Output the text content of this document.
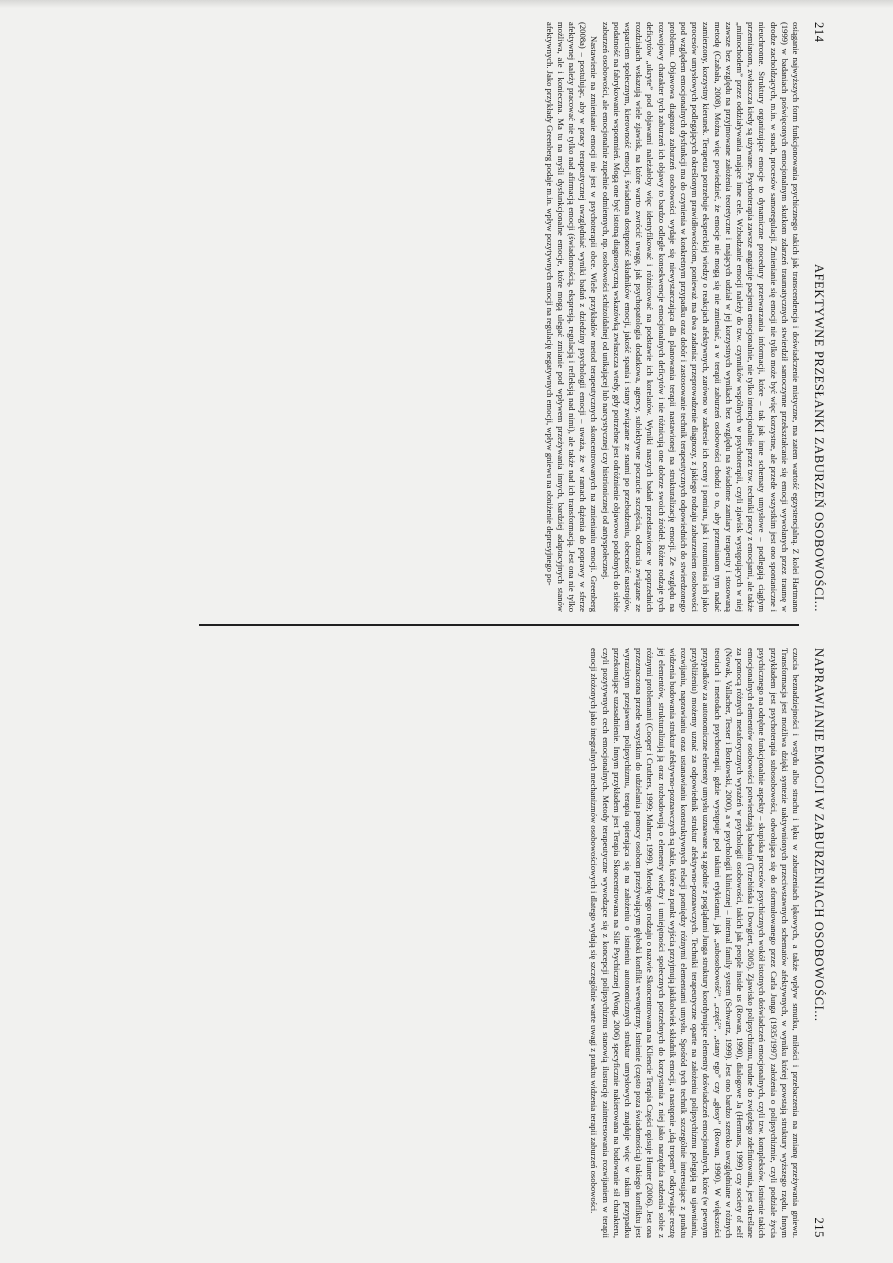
214
AFEKTYWNE PRZESŁANKI ZABURZEŃ OSOBOWOŚCI...

osiąganie najwyższych form funkcjonowania psychicznego takich jak transcendencja i doświadczenie mistyczne, ma zatem wartość egzystencjalną. Z kolei Hartmann (1999) w badaniach poświęconych emocjonalnym skutkom zdarzeń traumatycznych stwierdził samoczynne przekształcanie się emocji wywołanych przez traumę w drodze zacholdzących, m.in. w snach, procesów samoregulacji. Zmienianie się emocji nie tylko może być więc korzystne, ale przede wszystkim jest ono spontaniczne i nieuchronne. Struktury organizujące emocje to dynamiczne procedury przetwarzania informacji, które – tak jak inne schematy umysłowe – podlegają ciągłym przemianom, zwłaszcza kiedy są używane. Psychoterapia zawsze angażuje pacjenta emocjonalnie, nie tylko intencjonalnie przez tzw. techniki pracy z emocjami, ale także „mimochodem” przez oddziaływania mające inne cele. Wzbudzanie emocji należy do tzw. czynników wspólnych w psychoterapii, czyli zjawisk występujących w niej zawsze bez względu na przyjmowane założenia teoretyczne i mających udział w jej korzystnych wynikach bez względu na świadome zamiary terapeuty i stosowaną metodę (Czabała, 2008). Można więc powiedzieć, że emocje nie mogą się nie zmieniać, a w terapii zaburzeń osobowości chodzi o to, aby przemianom tym nadać zamierzony, korzystny kierunek. Terapeuta potrzebuje eksperckiej wiedzy o reakcjach afektywnych, zarówno w zakresie ich oceny i pomiaru, jak i rozumienia ich jako procesów umysłowych podlegających określonym prawidłowościom, ponieważ ma dwa zadania: przeprowadzenie diagnozy, z jakiego rodzaju zaburzeniem osobowości pod względem emocjonalnych dysfunkcji ma do czynienia w konkretnym przypadku oraz dobór i zastosowanie technik terapeutycznych odpowiednich do stwierdzonego problemu. Objawowa diagnoza zaburzeń osobowości wydaje się niewystarczająca dla planowania terapii nastawionej na strukturalizację emocji. Ze względu na rozwojowy charakter tych zaburzeń ich objawy to bardzo odległe konsekwencje emocjonalnych deficytów i nie różnicują one dobrze swoich źródeł. Różne rodzaje tych deficytów „ukryte” pod objawami należałoby więc identyfikować i różnicować na podstawie ich korelatów. Wyniki naszych badań przedstawione w poprzednich rozdziałach wskazują wiele zjawisk, na które warto zwrócić uwagę, jak psychopatologia dodatkowa, agency, subiektywne poczucie szczęścia, odczucia związane ze wsparciem społecznym, kierowność emocji, świadoma dostępność składników emocji, jakość spania i stany związane ze snami po przebudzeniu, obecność nastrojów, podatność na fabrykowanie wspomnień. Mogą one być istotną diagnostyczną wskazówką zwłaszcza wtedy, gdy potrzebne jest odróżnienie objawowo podobnych do siebie zaburzeń osobowości, ale emocjonalnie zupełnie odmiennych, np. osobowości schizoidalnej od unikającej lub narcystycznej czy histrionicznej od antyspołecznej.

Nastawienie na zmienianie emocji nie jest w psychoterapii obce. Wiele przykładów metod terapeutycznych skoncentrowanych na zmienianiu emocji. Greenberg (2008a) – postulując, aby w pracy terapeutycznej uwzględniać wyniki badań z dziedziny psychologii emocji – uważa, że w ramach dążenia do poprawy w sferze afektywnej należy pracować nie tylko nad afirmacją emocji (świadomością, ekspresją, regulacją i refleksją nad nimi), ale także nad ich transformacją. Jest ona nie tylko możliwa, ale i konieczna. Ma tu na myśli dysfunkcjonalne emocje, które mogą ulegać zmianie pod wpływem przeżywania innych, bardziej adaptacyjnych stanów afektywnych. Jako przykłady Greenberg podaje m.in. wpływ pozytywnych emocji na regulację negatywnych emocji, wpływ gniewu na obniżenie depresyjnego po-

NAPRAWIANIE EMOCJI W ZABURZENIACH OSOBOWOŚCI...
215

czucia beznadziejności i wstydu albo strachu i lęku w zaburzeniach lękowych, a także wpływ smutku, miłości i przebaczenia na zmianę przeżywania gniewu. Transformacja jest możliwa dzięki syntezie uaktywnionych przeciwstawnych schematów afektywnych, w wyniku której powstają struktury wyższego rzędu. Innym przykładem jest psychoterapia subosobowości, odwołująca się do sformułowanego przez Carla Junga (1935/1997) założenia o polipsychizmie, czyli podziale życia psychicznego na odrębne funkcjonalnie aspekty – skupiska procesów psychicznych wokół istotnych doświadczeń emocjonalnych, czyli tzw. kompleksów. Istnienie takich emocjonalnych elementów osobowości potwierdzają badania (Trzebińska i Dowgiert, 2005). Zjawisko polipsychizmu, trudne do zwięzłego zdefiniowania, jest określane za pomocą różnych metaforycznych wyrażeń w psychologii osobowości, takich jak people inside us (Rowan, 1990), dialogowe Ja (Hermans, 1999) czy society of self (Nowak, Vallacher, Tesser i Borkowski, 2000), a w psychologii klinicznej – internal family system (Schwartz, 1999). Jest ono bardzo szeroko uwzględniane w różnych teoriach i metodach psychoterapii, gdzie występuje pod takimi etykietami, jak „subosobowość”, „część”, „stany ego” czy „głosy” (Rowan, 1990). W większości przypadków za autonomiczne elementy umysłu uznawane są zgodnie z poglądami Junga struktury koordynujące elementy doświadczeń emocjonalnych, które (w pewnym przybliżeniu) możemy uznać za odpowiednik struktur afektywno-poznawczych. Techniki terapeutyczne oparte na założeniu polipsychizmu polegają na ujawnianiu, rozwijaniu, naprawianiu oraz ustanawianiu konstruktywnych relacji pomiędzy różnymi elementami umysłu. Spośród tych technik szczególnie interesujące z punktu widzenia budowania struktur afektywno-poznawczych są takie, które za punkt wyjścia przyjmują jakikolwiek składnik emocji, a następnie „idą tropem” odkrywając resztę jej elementów, strukturalizują ją oraz rozbudowują o elementy wiedzy i umiejętności społecznych potrzebnych do korzystania z niej jako narzędzia radzenia sobie z różnymi problemami (Cooper i Cruthers, 1999; Mahrer, 1999). Metodę tego rodzaju o nazwie Skoncentrowana na Kliencie Terapia Części opisuje Hunter (2006). Jest ona przeznaczona przede wszystkim do udzielania pomocy osobom przeżywającym głęboki konflikt wewnętrzny. Istnienie (często poza świadomością) takiego konfliktu jest wyrazistym przejawem polipsychizmu, terapia opierająca się na założeniu o istnieniu autonomicznych struktur umysłowych znajduje więc w takim przypadku przekonujące uzasadnienie. Innym przykładem jest Terapia Skoncentrowana na Sile Psychicznej (Wong, 2006) specyficznie nakierowana na budowanie sił charakteru, czyli pozytywnych cech emocjonalnych. Metody terapeutyczne wywodzące się z koncepcji polipsychizmu stanowią ilustrację zainteresowania rozwijaniem w terapii emocji złożonych jako integralnych mechanizmów osobowościowych i dlatego wydają się szczególnie warte uwagi z punktu widzenia terapii zaburzeń osobowości.
